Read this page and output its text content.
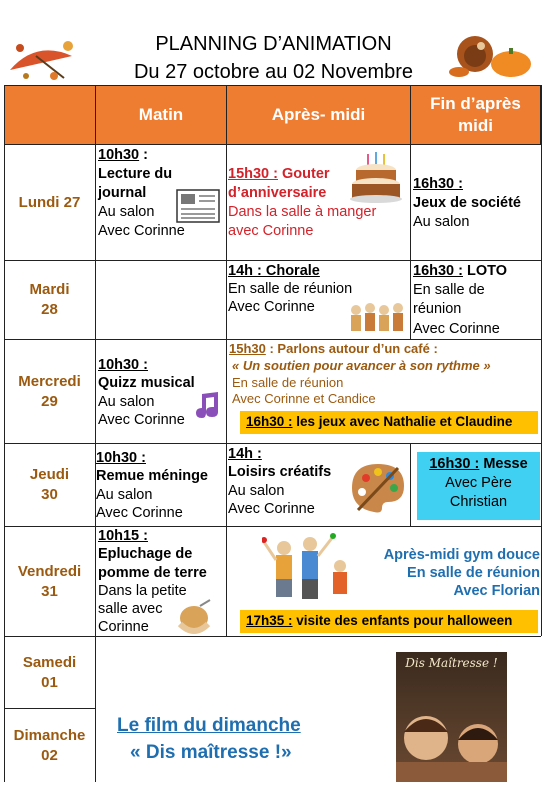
PLANNING D’ANIMATION
Du 27 octobre au 02 Novembre
Matin	Après- midi
Fin d’après midi
Lundi 27
Mardi
28
Mercredi
29
Jeudi
30
Vendredi
31
Samedi
01
Dimanche
02
10h30 :
Lecture du
journal
Au salon
Avec Corinne
15h30 : Gouter
d’anniversaire
Dans la salle à manger
avec Corinne
16h30 :
Jeux de société
Au salon
14h : Chorale
En salle de réunion
Avec Corinne
16h30 : LOTO
En salle de
réunion
Avec Corinne
10h30 :
Quizz musical
Au salon
Avec Corinne
15h30 : Parlons autour d’un café :
« Un soutien pour avancer à son rythme »
En salle de réunion
Avec Corinne et Candice
16h30 : les jeux avec Nathalie et Claudine
10h30 :
Remue méninge
Au salon
Avec Corinne
14h :
Loisirs créatifs
Au salon
Avec Corinne
16h30 : Messe
Avec Père
Christian
10h15 :
Epluchage de
pomme de terre
Dans la petite
salle avec
Corinne
Après-midi gym douce
En salle de réunion
Avec Florian
17h35 : visite des enfants pour halloween
Le film du dimanche
« Dis maîtresse !»
Dis Maîtresse !
